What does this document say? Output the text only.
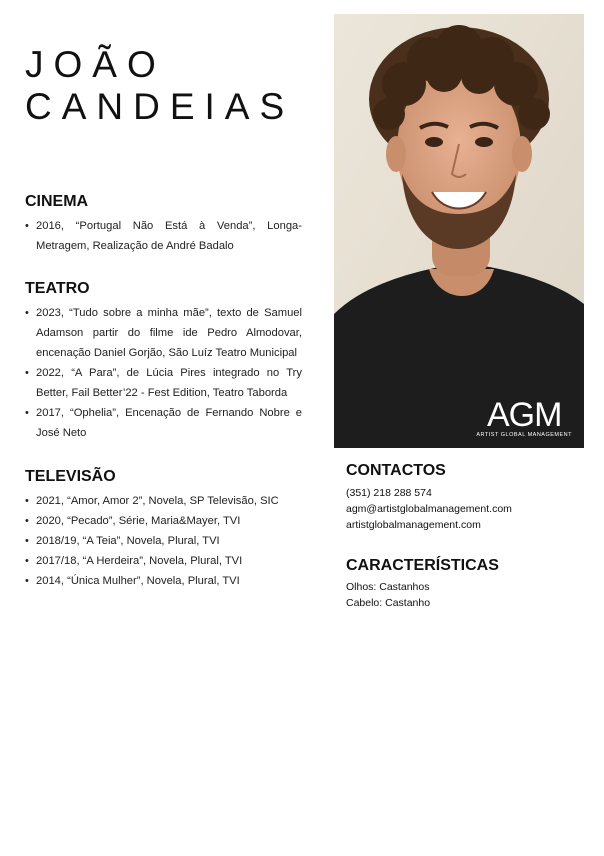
JOÃO
CANDEIAS
CINEMA
• 2016, “Portugal Não Está à Venda”, Longa-Metragem, Realização de André Badalo
TEATRO
• 2023, “Tudo sobre a minha mãe”, texto de Samuel Adamson partir do filme ide Pedro Almodovar, encenação Daniel Gorjão, São Luíz Teatro Municipal
• 2022, “A Para”, de Lúcia Pires integrado no Try Better, Fail Better’22 - Fest Edition, Teatro Taborda
• 2017, “Ophelia”, Encenação de Fernando Nobre e José Neto
TELEVISÃO
• 2021, “Amor, Amor 2”, Novela, SP Televisão, SIC
• 2020, “Pecado”, Série, Maria&Mayer, TVI
• 2018/19, “A Teia”, Novela, Plural, TVI
• 2017/18, “A Herdeira”, Novela, Plural, TVI
• 2014, “Única Mulher”, Novela, Plural, TVI
AGM
ARTIST GLOBAL MANAGEMENT
CONTACTOS
(351) 218 288 574
agm@artistglobalmanagement.com
artistglobalmanagement.com
CARACTERÍSTICAS
Olhos: Castanhos
Cabelo: Castanho
